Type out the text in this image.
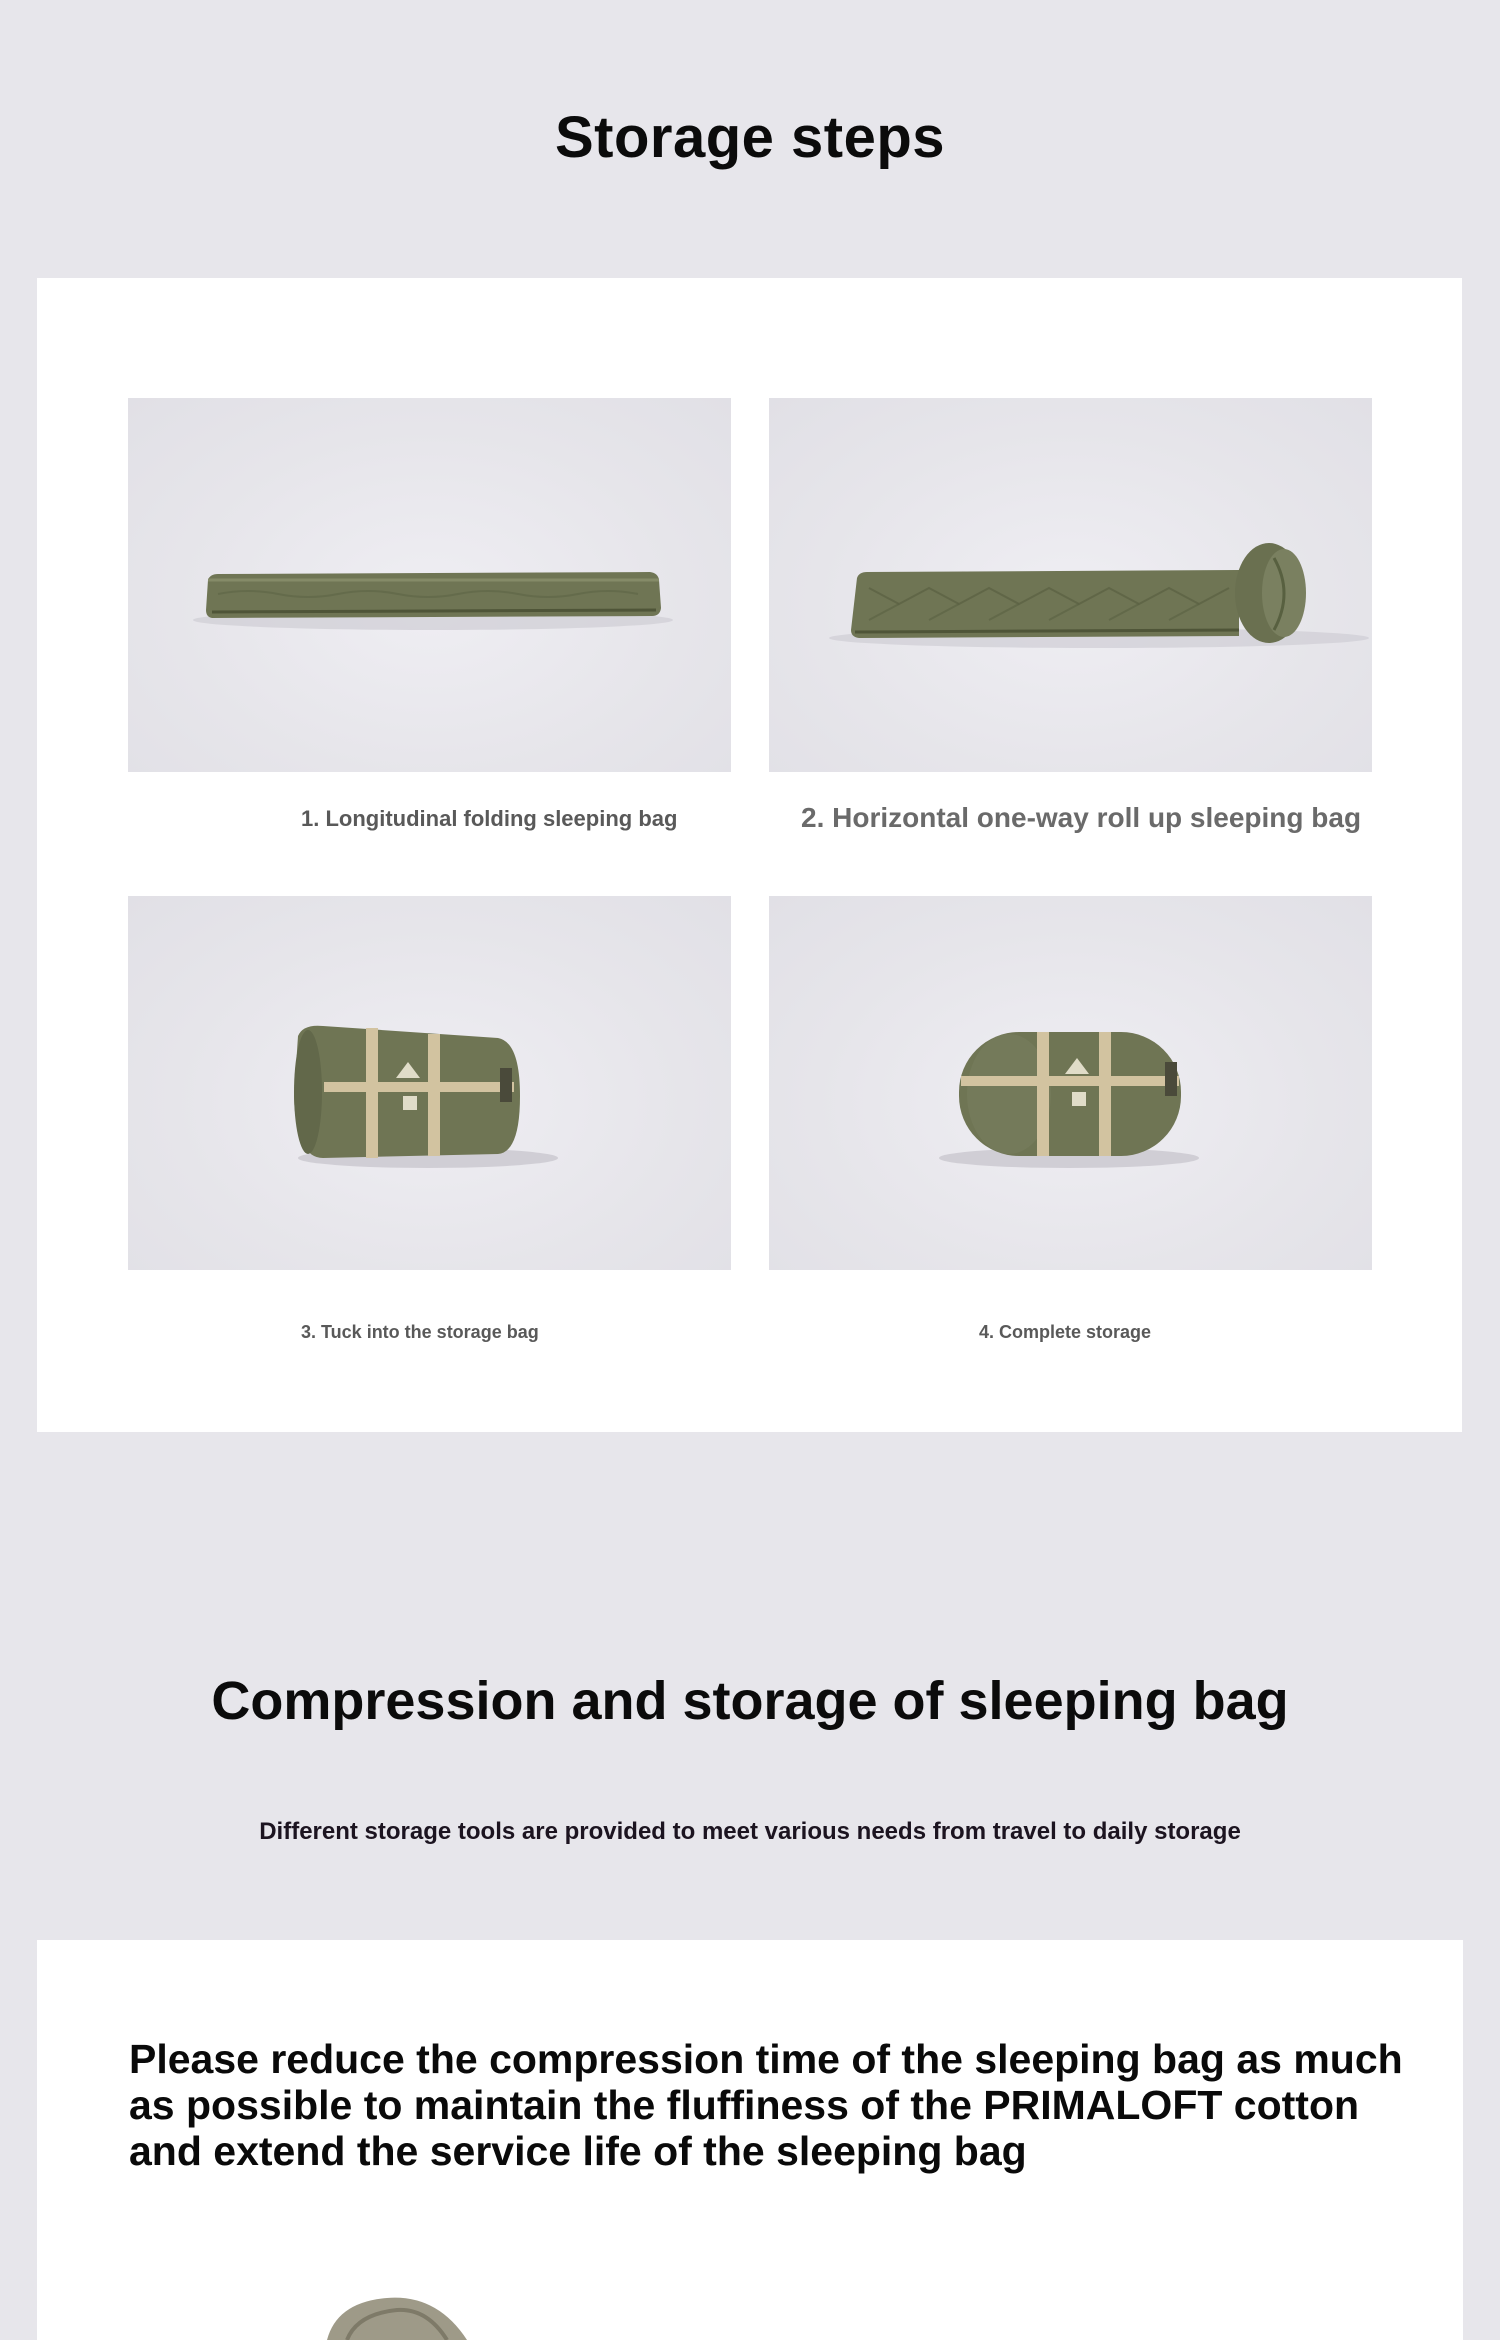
Storage steps

1. Longitudinal folding sleeping bag	2. Horizontal one-way roll up sleeping bag

3. Tuck into the storage bag	4. Complete storage

Compression and storage of sleeping bag

Different storage tools are provided to meet various needs from travel to daily storage

Please reduce the compression time of the sleeping bag as much as possible to maintain the fluffiness of the PRIMALOFT cotton and extend the service life of the sleeping bag
